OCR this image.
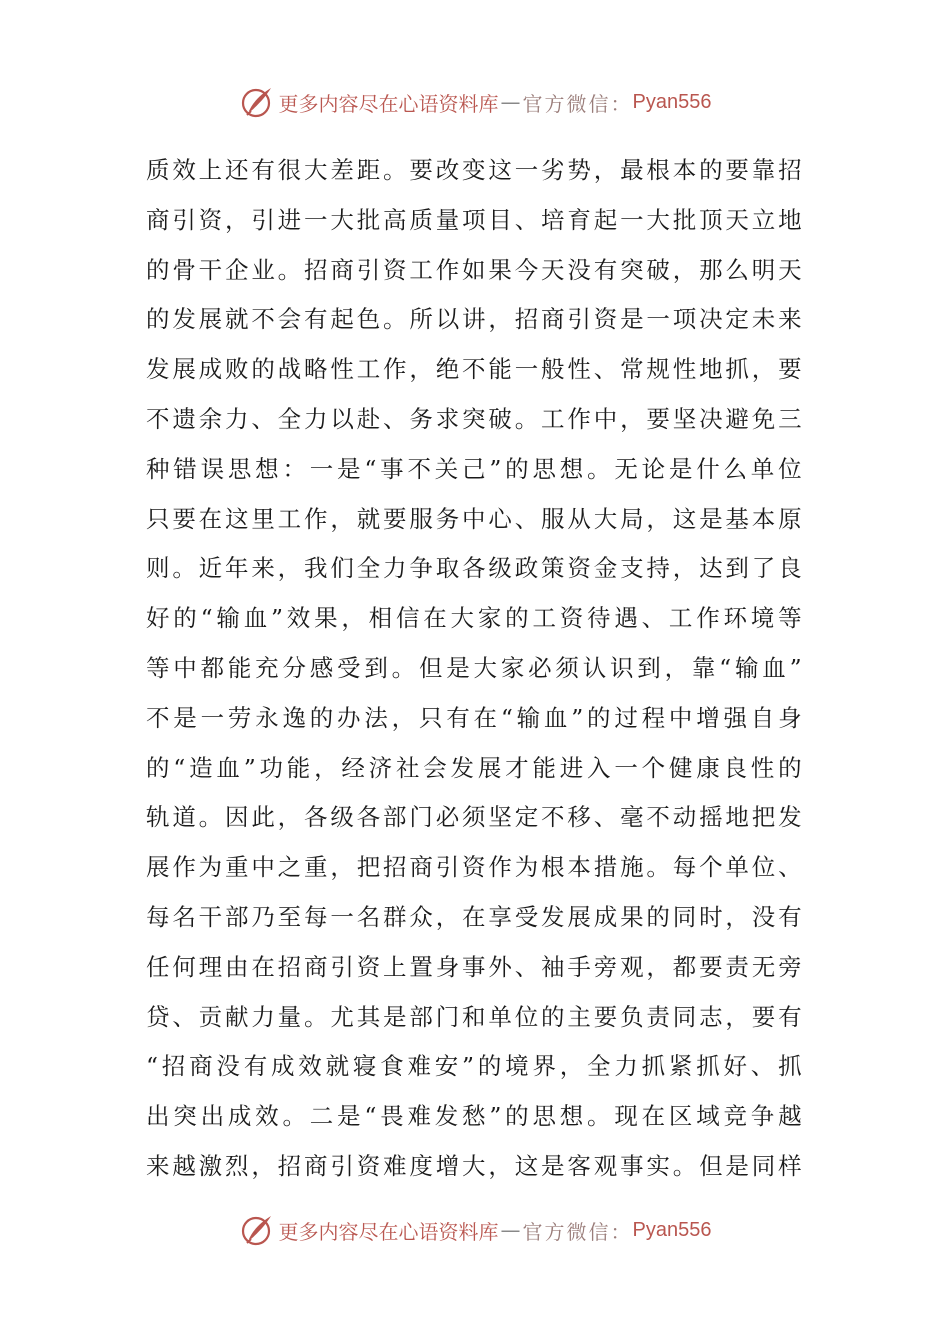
更多内容尽在心语资料库 — 官方微信： Pyan556
质效上还有很大差距。要改变这一劣势，最根本的要靠招
商引资，引进一大批高质量项目、培育起一大批顶天立地
的骨干企业。招商引资工作如果今天没有突破，那么明天
的发展就不会有起色。所以讲，招商引资是一项决定未来
发展成败的战略性工作，绝不能一般性、常规性地抓，要
不遗余力、全力以赴、务求突破。工作中，要坚决避免三
种错误思想：一是“事不关己”的思想。无论是什么单位
只要在这里工作，就要服务中心、服从大局，这是基本原
则。近年来，我们全力争取各级政策资金支持，达到了良
好的“输血”效果，相信在大家的工资待遇、工作环境等
等中都能充分感受到。但是大家必须认识到，靠“输血”
不是一劳永逸的办法，只有在“输血”的过程中增强自身
的“造血”功能，经济社会发展才能进入一个健康良性的
轨道。因此，各级各部门必须坚定不移、毫不动摇地把发
展作为重中之重，把招商引资作为根本措施。每个单位、
每名干部乃至每一名群众，在享受发展成果的同时，没有
任何理由在招商引资上置身事外、袖手旁观，都要责无旁
贷、贡献力量。尤其是部门和单位的主要负责同志，要有
“招商没有成效就寝食难安”的境界，全力抓紧抓好、抓
出突出成效。二是“畏难发愁”的思想。现在区域竞争越
来越激烈，招商引资难度增大，这是客观事实。但是同样
更多内容尽在心语资料库 — 官方微信： Pyan556
